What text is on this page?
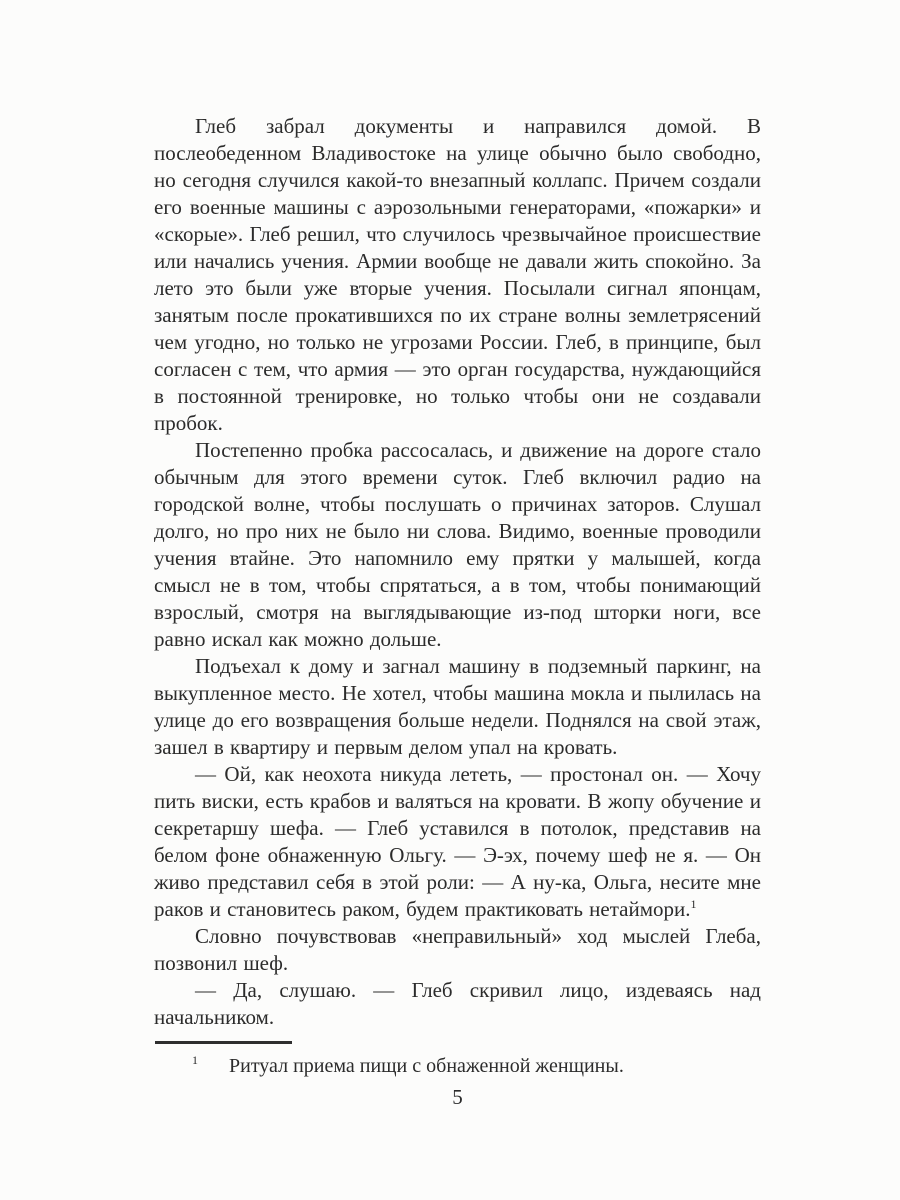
Глеб забрал документы и направился домой. В послеобеденном Владивостоке на улице обычно было свободно, но сегодня случился какой-то внезапный коллапс. Причем создали его военные машины с аэрозольными генераторами, «пожарки» и «скорые». Глеб решил, что случилось чрезвычайное происшествие или начались учения. Армии вообще не давали жить спокойно. За лето это были уже вторые учения. Посылали сигнал японцам, занятым после прокатившихся по их стране волны землетрясений чем угодно, но только не угрозами России. Глеб, в принципе, был согласен с тем, что армия — это орган государства, нуждающийся в постоянной тренировке, но только чтобы они не создавали пробок.

Постепенно пробка рассосалась, и движение на дороге стало обычным для этого времени суток. Глеб включил радио на городской волне, чтобы послушать о причинах заторов. Слушал долго, но про них не было ни слова. Видимо, военные проводили учения втайне. Это напомнило ему прятки у малышей, когда смысл не в том, чтобы спрятаться, а в том, чтобы понимающий взрослый, смотря на выглядывающие из-под шторки ноги, все равно искал как можно дольше.

Подъехал к дому и загнал машину в подземный паркинг, на выкупленное место. Не хотел, чтобы машина мокла и пылилась на улице до его возвращения больше недели. Поднялся на свой этаж, зашел в квартиру и первым делом упал на кровать.

— Ой, как неохота никуда лететь, — простонал он. — Хочу пить виски, есть крабов и валяться на кровати. В жопу обучение и секретаршу шефа. — Глеб уставился в потолок, представив на белом фоне обнаженную Ольгу. — Э-эх, почему шеф не я. — Он живо представил себя в этой роли: — А ну-ка, Ольга, несите мне раков и становитесь раком, будем практиковать нетаймори.$^1$

Словно почувствовав «неправильный» ход мыслей Глеба, позвонил шеф.

— Да, слушаю. — Глеб скривил лицо, издеваясь над начальником.

$^1$ Ритуал приема пищи с обнаженной женщины.
5
